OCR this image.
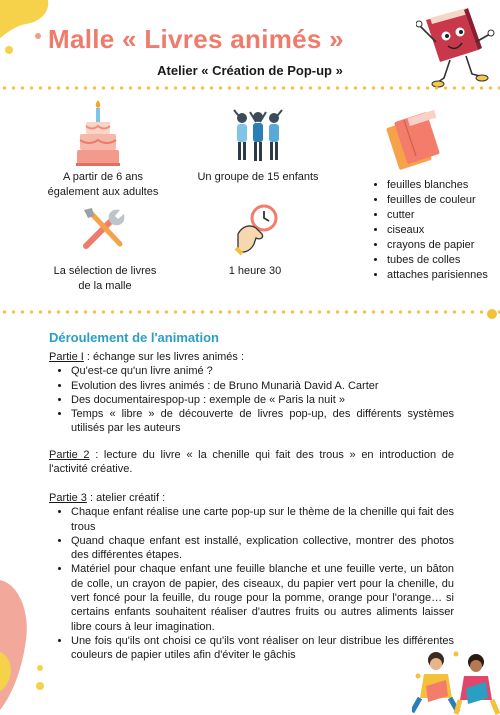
Malle « Livres animés »
Atelier « Création de Pop-up »
A partir de 6 ans
également aux adultes
Un groupe de 15 enfants
• feuilles blanches
• feuilles de couleur
• cutter
• ciseaux
• crayons de papier
• tubes de colles
• attaches parisiennes
La sélection de livres
de la malle
1 heure 30
Déroulement de l'animation

Partie I : échange sur les livres animés :

• Qu'est-ce qu'un livre animé ?
• Evolution des livres animés : de Bruno Munarià David A. Carter
• Des documentairespop-up : exemple de « Paris la nuit »
• Temps « libre » de découverte de livres pop-up, des différents systèmes utilisés par les auteurs

Partie 2 : lecture du livre « la chenille qui fait des trous » en introduction de l'activité créative.

Partie 3 : atelier créatif :

• Chaque enfant réalise une carte pop-up sur le thème de la chenille qui fait des trous
• Quand chaque enfant est installé, explication collective, montrer des photos des différentes étapes.
• Matériel pour chaque enfant une feuille blanche et une feuille verte, un bâton de colle, un crayon de papier, des ciseaux, du papier vert pour la chenille, du vert foncé pour la feuille, du rouge pour la pomme, orange pour l'orange… si certains enfants souhaitent réaliser d'autres fruits ou autres aliments laisser libre cours à leur imagination.
• Une fois qu'ils ont choisi ce qu'ils vont réaliser on leur distribue les différentes couleurs de papier utiles afin d'éviter le gâchis
